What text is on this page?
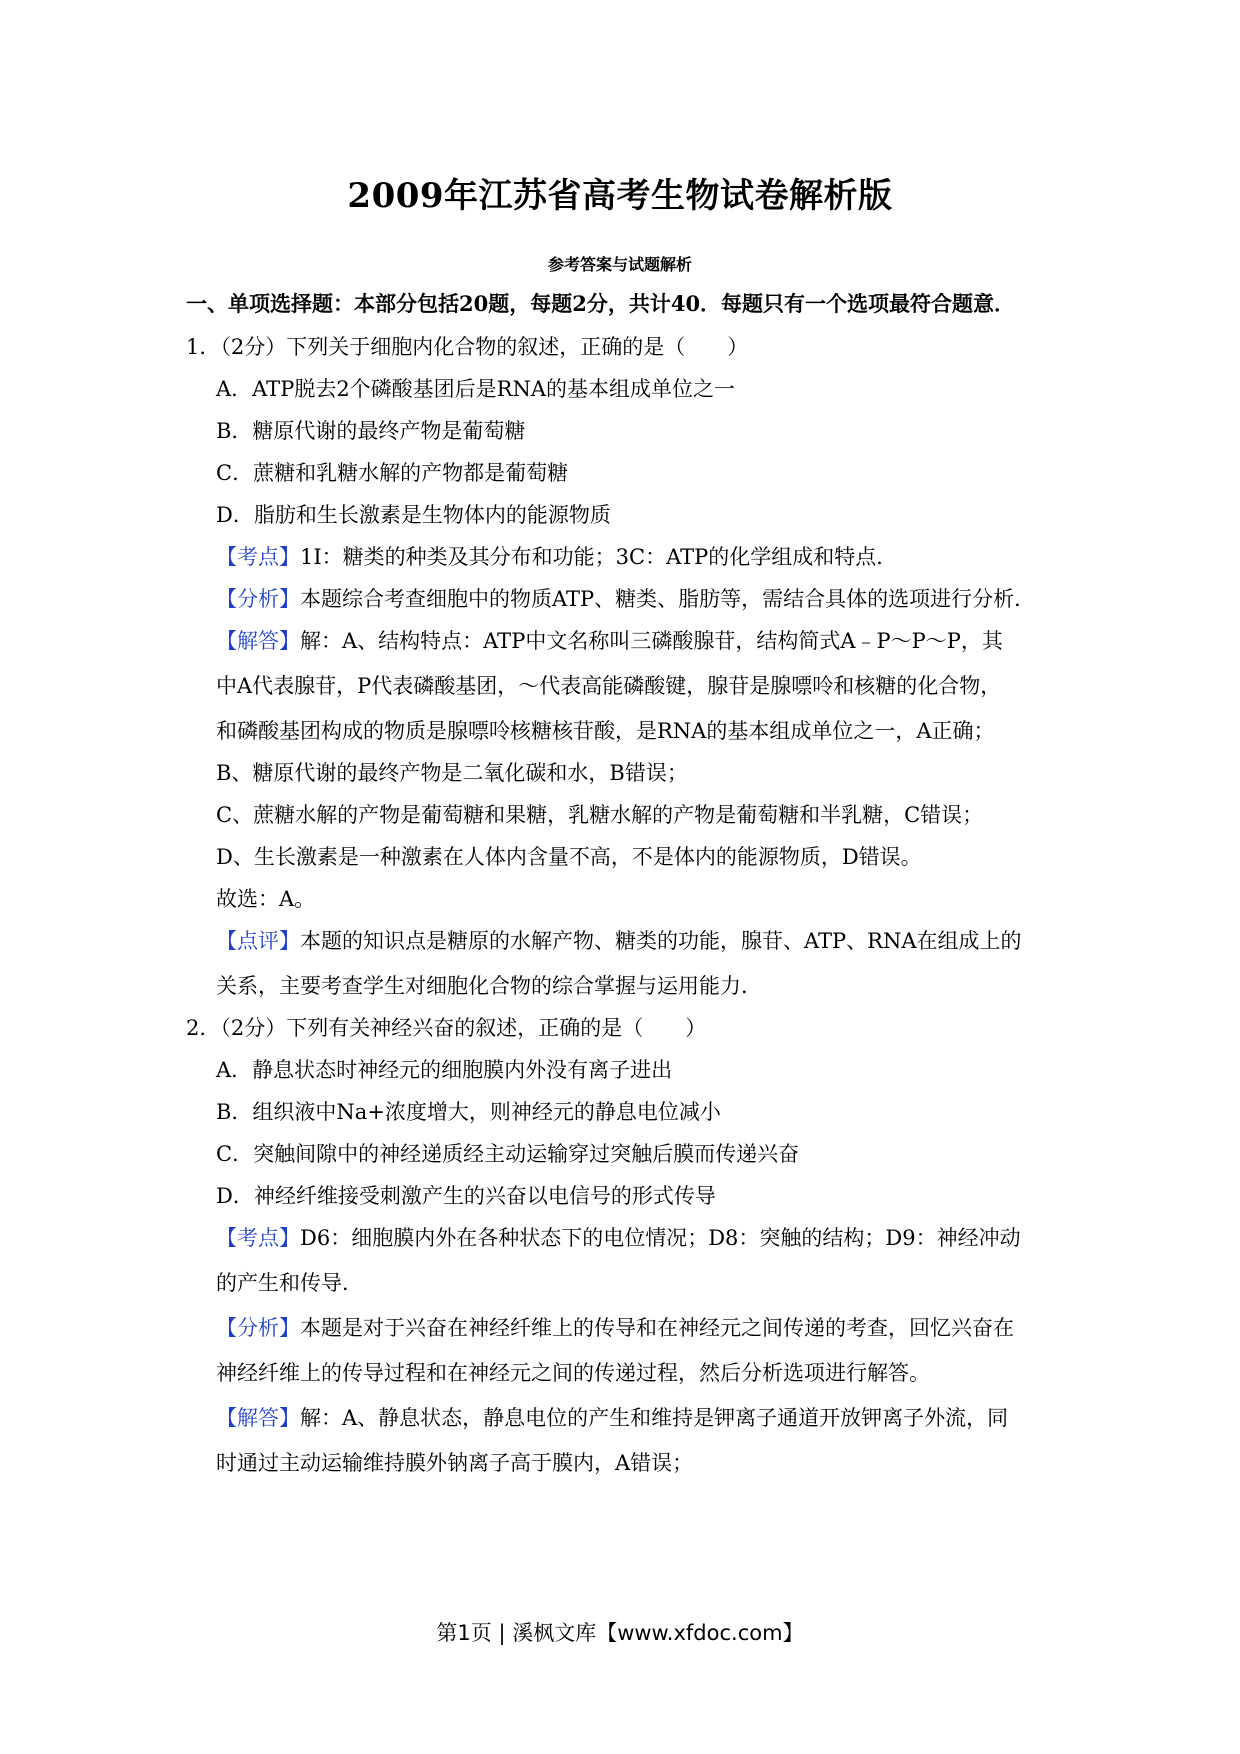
2009年江苏省高考生物试卷解析版
参考答案与试题解析
一、单项选择题：本部分包括20题，每题2分，共计40．每题只有一个选项最符合题意．
1．（2分）下列关于细胞内化合物的叙述，正确的是（　　）
A．ATP脱去2个磷酸基团后是RNA的基本组成单位之一
B．糖原代谢的最终产物是葡萄糖
C．蔗糖和乳糖水解的产物都是葡萄糖
D．脂肪和生长激素是生物体内的能源物质
【考点】1I：糖类的种类及其分布和功能；3C：ATP的化学组成和特点．
【分析】本题综合考查细胞中的物质ATP、糖类、脂肪等，需结合具体的选项进行分析．
【解答】解：A、结构特点：ATP中文名称叫三磷酸腺苷，结构简式A﹣P～P～P，其
中A代表腺苷，P代表磷酸基团，～代表高能磷酸键，腺苷是腺嘌呤和核糖的化合物，
和磷酸基团构成的物质是腺嘌呤核糖核苷酸，是RNA的基本组成单位之一，A正确；
B、糖原代谢的最终产物是二氧化碳和水，B错误；
C、蔗糖水解的产物是葡萄糖和果糖，乳糖水解的产物是葡萄糖和半乳糖，C错误；
D、生长激素是一种激素在人体内含量不高，不是体内的能源物质，D错误。
故选：A。
【点评】本题的知识点是糖原的水解产物、糖类的功能，腺苷、ATP、RNA在组成上的
关系，主要考查学生对细胞化合物的综合掌握与运用能力．
2．（2分）下列有关神经兴奋的叙述，正确的是（　　）
A．静息状态时神经元的细胞膜内外没有离子进出
B．组织液中Na+浓度增大，则神经元的静息电位减小
C．突触间隙中的神经递质经主动运输穿过突触后膜而传递兴奋
D．神经纤维接受刺激产生的兴奋以电信号的形式传导
【考点】D6：细胞膜内外在各种状态下的电位情况；D8：突触的结构；D9：神经冲动
的产生和传导．
【分析】本题是对于兴奋在神经纤维上的传导和在神经元之间传递的考查，回忆兴奋在
神经纤维上的传导过程和在神经元之间的传递过程，然后分析选项进行解答。
【解答】解：A、静息状态，静息电位的产生和维持是钾离子通道开放钾离子外流，同
时通过主动运输维持膜外钠离子高于膜内，A错误；
第1页 | 溪枫文库【www.xfdoc.com】
